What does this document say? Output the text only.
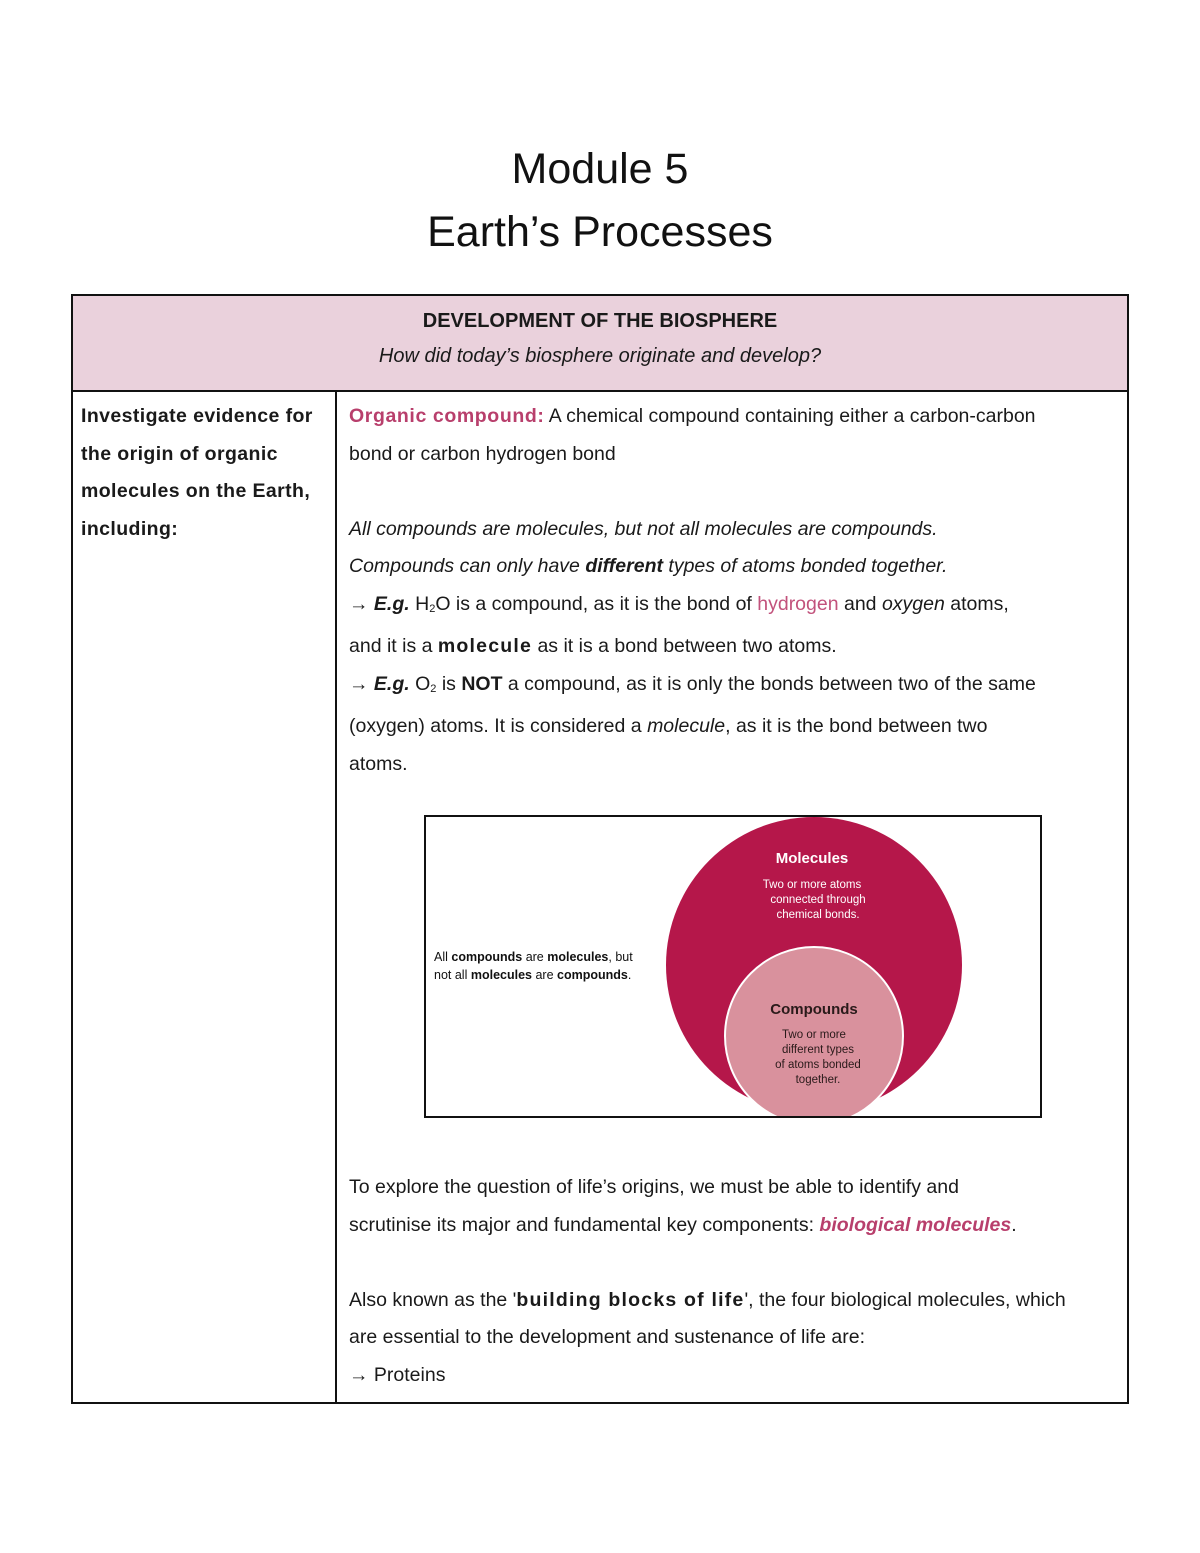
Module 5
Earth’s Processes
DEVELOPMENT OF THE BIOSPHERE
How did today’s biosphere originate and develop?
Investigate evidence for
the origin of organic
molecules on the Earth,
including:
Organic compound: A chemical compound containing either a carbon-carbon
bond or carbon hydrogen bond
All compounds are molecules, but not all molecules are compounds.
Compounds can only have different types of atoms bonded together.
→ E.g. H2O is a compound, as it is the bond of hydrogen and oxygen atoms,
and it is a molecule as it is a bond between two atoms.
→ E.g. O2 is NOT a compound, as it is only the bonds between two of the same
(oxygen) atoms. It is considered a molecule, as it is the bond between two
atoms.
To explore the question of life’s origins, we must be able to identify and
scrutinise its major and fundamental key components: biological molecules.
Also known as the 'building blocks of life', the four biological molecules, which
are essential to the development and sustenance of life are:
→ Proteins
All compounds are molecules, but
not all molecules are compounds.
Molecules
Two or more atoms
connected through
chemical bonds.
Compounds
Two or more
different types
of atoms bonded
together.
